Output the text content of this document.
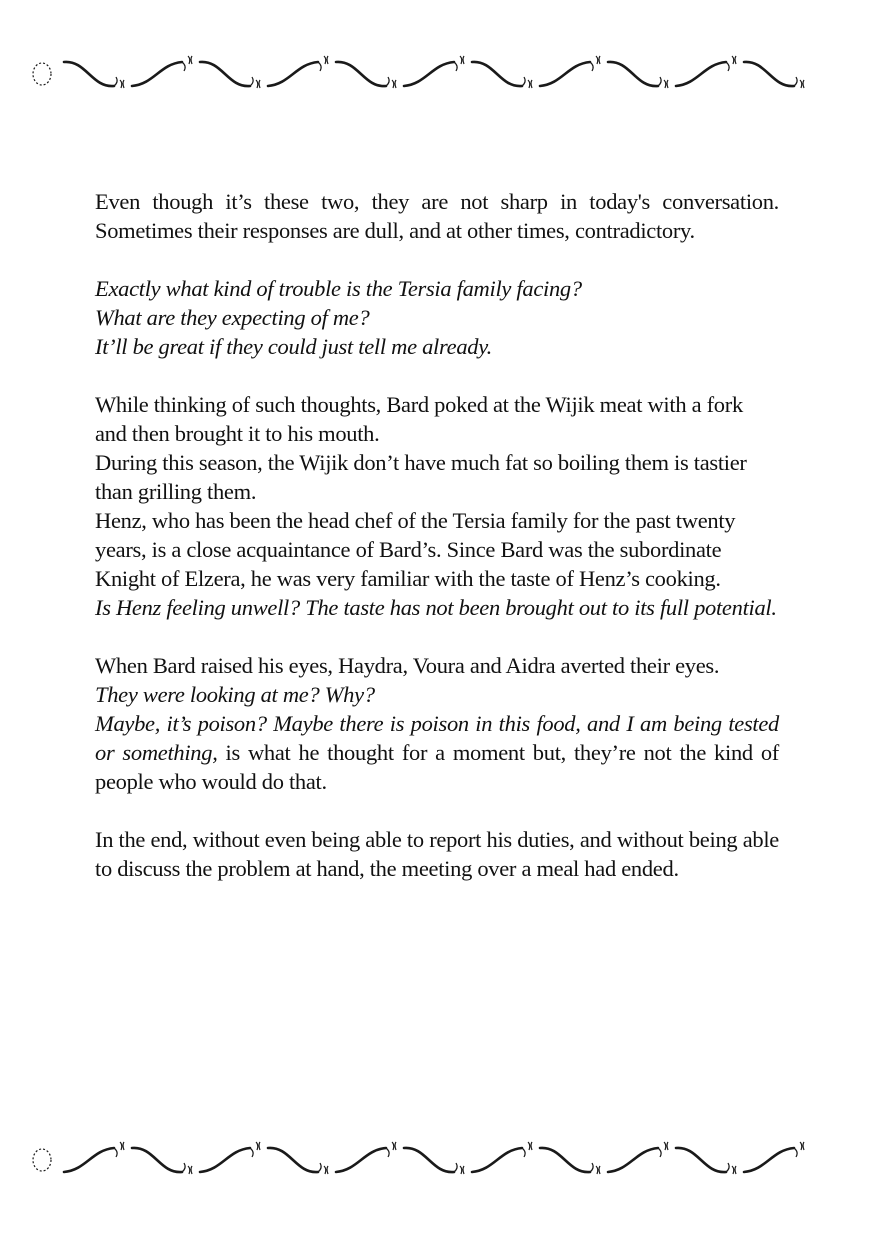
Even though it’s these two, they are not sharp in today's conversation. Sometimes their responses are dull, and at other times, contradictory.

Exactly what kind of trouble is the Tersia family facing?
What are they expecting of me?
It’ll be great if they could just tell me already.

While thinking of such thoughts, Bard poked at the Wijik meat with a fork and then brought it to his mouth.

During this season, the Wijik don’t have much fat so boiling them is tastier than grilling them.

Henz, who has been the head chef of the Tersia family for the past twenty years, is a close acquaintance of Bard’s. Since Bard was the subordinate Knight of Elzera, he was very familiar with the taste of Henz’s cooking.

Is Henz feeling unwell? The taste has not been brought out to its full potential.

When Bard raised his eyes, Haydra, Voura and Aidra averted their eyes.

They were looking at me? Why?

Maybe, it’s poison? Maybe there is poison in this food, and I am being tested or something, is what he thought for a moment but, they’re not the kind of people who would do that.

In the end, without even being able to report his duties, and without being able to discuss the problem at hand, the meeting over a meal had ended.
